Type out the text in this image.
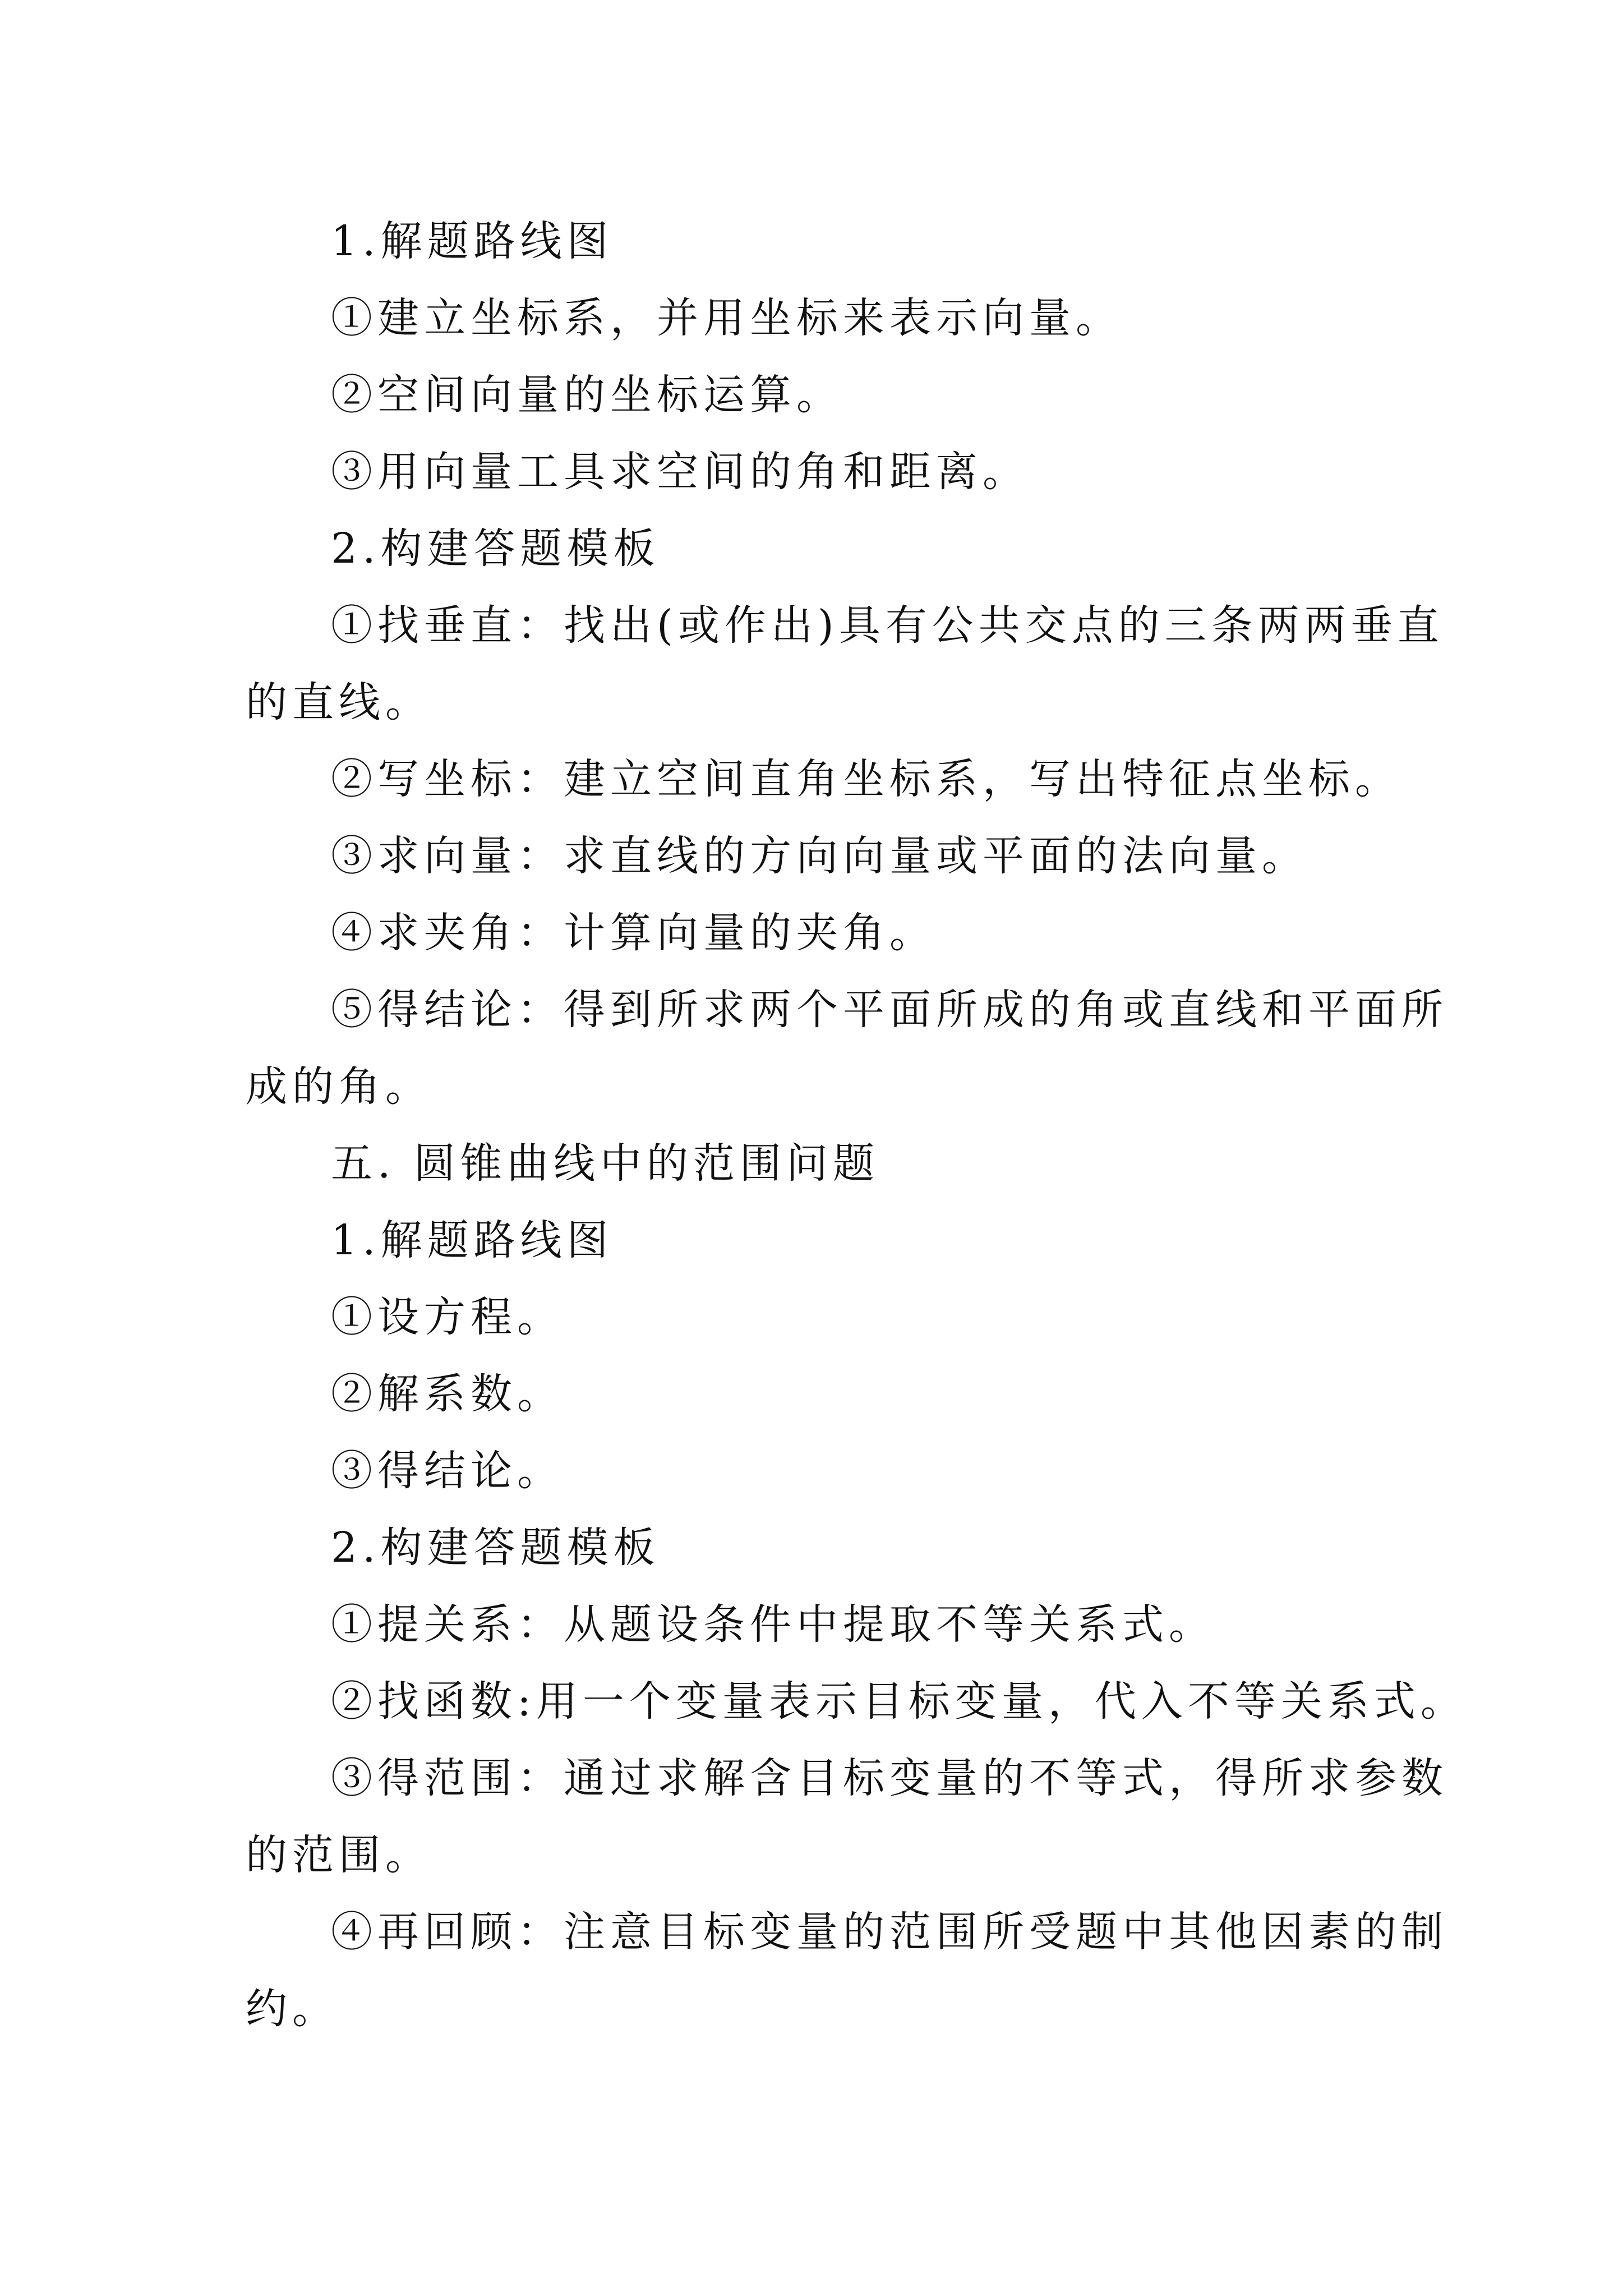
1.解题路线图

①建立坐标系，并用坐标来表示向量。

②空间向量的坐标运算。

③用向量工具求空间的角和距离。

2.构建答题模板

①找垂直：找出(或作出)具有公共交点的三条两两垂直

的直线。

②写坐标：建立空间直角坐标系，写出特征点坐标。

③求向量：求直线的方向向量或平面的法向量。

④求夹角：计算向量的夹角。

⑤得结论：得到所求两个平面所成的角或直线和平面所

成的角。

五. 圆锥曲线中的范围问题

1.解题路线图

①设方程。

②解系数。

③得结论。

2.构建答题模板

①提关系：从题设条件中提取不等关系式。

②找函数:用一个变量表示目标变量，代入不等关系式。

③得范围：通过求解含目标变量的不等式，得所求参数

的范围。

④再回顾：注意目标变量的范围所受题中其他因素的制

约。
